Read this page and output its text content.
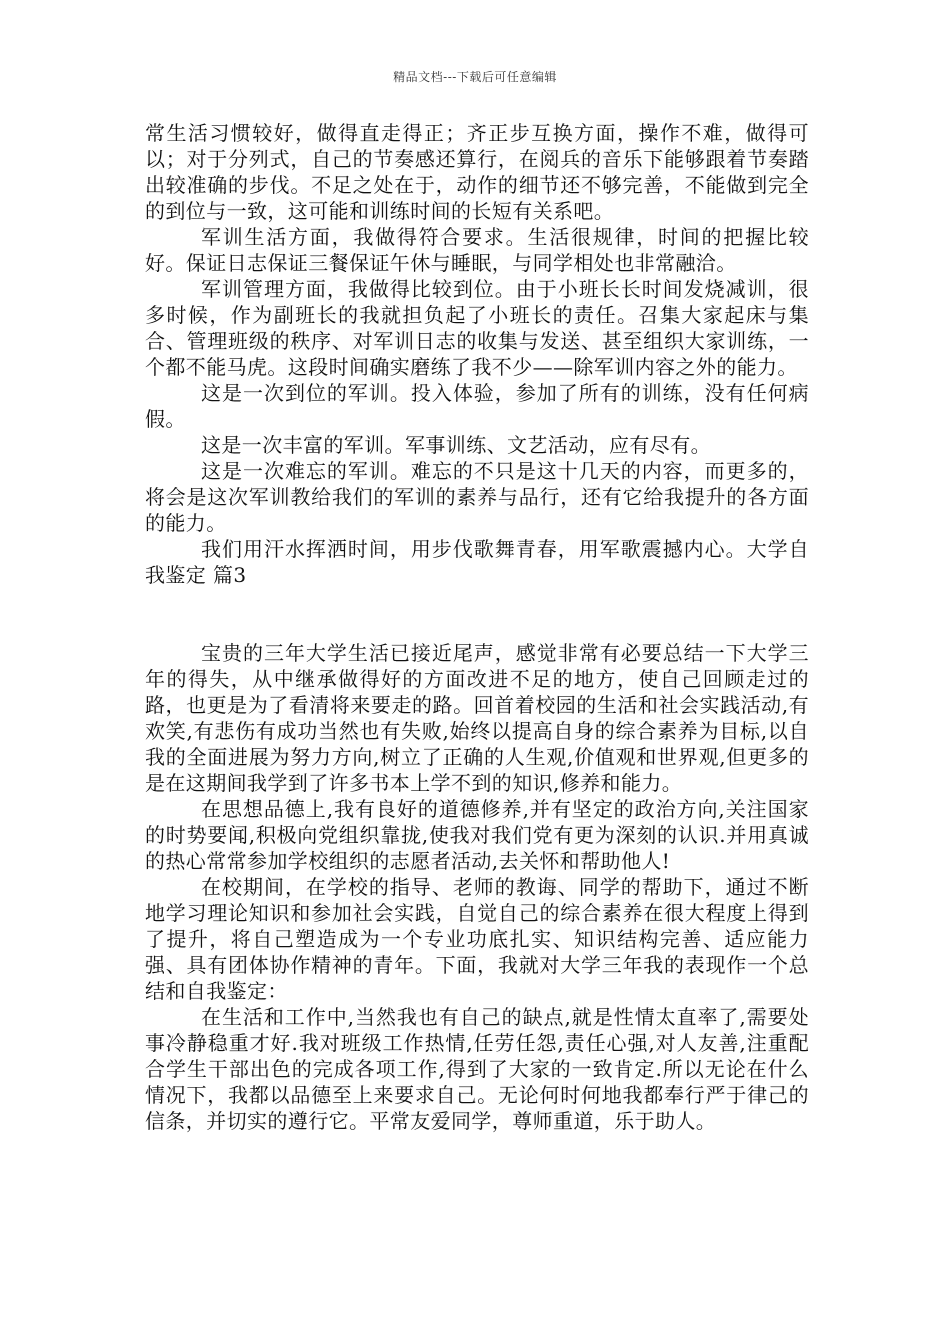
精品文档---下载后可任意编辑

常生活习惯较好，做得直走得正；齐正步互换方面，操作不难，做得可以；对于分列式，自己的节奏感还算行，在阅兵的音乐下能够跟着节奏踏出较准确的步伐。不足之处在于，动作的细节还不够完善，不能做到完全的到位与一致，这可能和训练时间的长短有关系吧。

军训生活方面，我做得符合要求。生活很规律，时间的把握比较好。保证日志保证三餐保证午休与睡眠，与同学相处也非常融洽。

军训管理方面，我做得比较到位。由于小班长长时间发烧减训，很多时候，作为副班长的我就担负起了小班长的责任。召集大家起床与集合、管理班级的秩序、对军训日志的收集与发送、甚至组织大家训练，一个都不能马虎。这段时间确实磨练了我不少——除军训内容之外的能力。

这是一次到位的军训。投入体验，参加了所有的训练，没有任何病假。

这是一次丰富的军训。军事训练、文艺活动，应有尽有。

这是一次难忘的军训。难忘的不只是这十几天的内容，而更多的，将会是这次军训教给我们的军训的素养与品行，还有它给我提升的各方面的能力。

我们用汗水挥洒时间，用步伐歌舞青春，用军歌震撼内心。大学自我鉴定 篇3

宝贵的三年大学生活已接近尾声，感觉非常有必要总结一下大学三年的得失，从中继承做得好的方面改进不足的地方，使自己回顾走过的路，也更是为了看清将来要走的路。回首着校园的生活和社会实践活动,有欢笑,有悲伤有成功当然也有失败,始终以提高自身的综合素养为目标,以自我的全面进展为努力方向,树立了正确的人生观,价值观和世界观,但更多的是在这期间我学到了许多书本上学不到的知识,修养和能力。

在思想品德上,我有良好的道德修养,并有坚定的政治方向,关注国家的时势要闻,积极向党组织靠拢,使我对我们党有更为深刻的认识.并用真诚的热心常常参加学校组织的志愿者活动,去关怀和帮助他人!

在校期间，在学校的指导、老师的教诲、同学的帮助下，通过不断地学习理论知识和参加社会实践，自觉自己的综合素养在很大程度上得到了提升，将自己塑造成为一个专业功底扎实、知识结构完善、适应能力强、具有团体协作精神的青年。下面，我就对大学三年我的表现作一个总结和自我鉴定：

在生活和工作中,当然我也有自己的缺点,就是性情太直率了,需要处事冷静稳重才好.我对班级工作热情,任劳任怨,责任心强,对人友善,注重配合学生干部出色的完成各项工作,得到了大家的一致肯定.所以无论在什么情况下，我都以品德至上来要求自己。无论何时何地我都奉行严于律己的信条，并切实的遵行它。平常友爱同学，尊师重道，乐于助人。
